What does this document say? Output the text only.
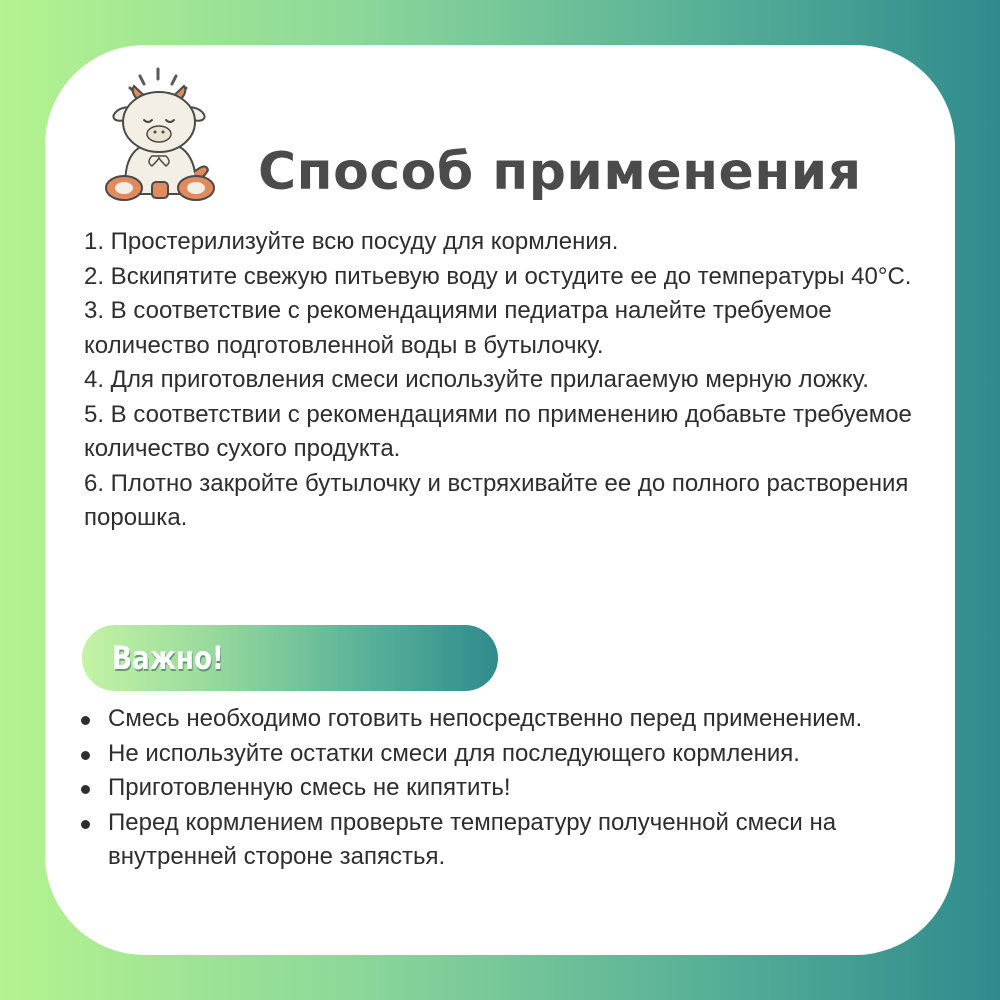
Способ применения
1. Простерилизуйте всю посуду для кормления.
2. Вскипятите свежую питьевую воду и остудите ее до температуры 40°С.
3. В соответствие с рекомендациями педиатра налейте требуемое количество подготовленной воды в бутылочку.
4. Для приготовления смеси используйте прилагаемую мерную ложку.
5. В соответствии с рекомендациями по применению добавьте требуемое количество сухого продукта.
6. Плотно закройте бутылочку и встряхивайте ее до полного растворения порошка.
Важно!
Смесь необходимо готовить непосредственно перед применением.
Не используйте остатки смеси для последующего кормления.
Приготовленную смесь не кипятить!
Перед кормлением проверьте температуру полученной смеси на внутренней стороне запястья.
